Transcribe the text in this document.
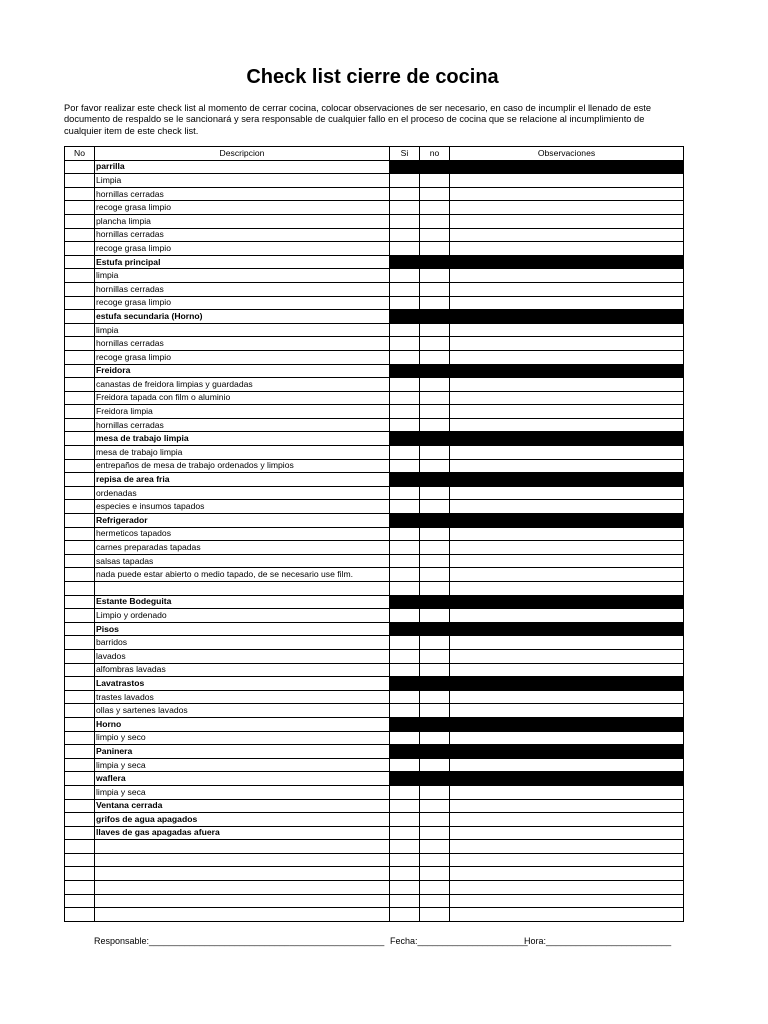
Check list cierre de cocina
Por favor realizar este check list al momento de cerrar cocina, colocar observaciones de ser necesario, en caso de incumplir el llenado de este documento de respaldo se le sancionará y sera responsable de cualquier fallo en el proceso de cocina que se relacione al incumplimiento de cualquier item de este check list.
No	Descripcion	Si	no	Observaciones
	parrilla			
	Limpia			
	hornillas cerradas			
	recoge grasa limpio			
	plancha limpia			
	hornillas cerradas			
	recoge grasa limpio			
	Estufa principal			
	limpia			
	hornillas cerradas			
	recoge grasa limpio			
	estufa secundaria (Horno)			
	limpia			
	hornillas cerradas			
	recoge grasa limpio			
	Freidora			
	canastas de freidora limpias y guardadas			
	Freidora tapada con film o aluminio			
	Freidora limpia			
	hornillas cerradas			
	mesa de trabajo limpia			
	mesa de trabajo limpia			
	entrepaños de mesa de trabajo ordenados y limpios			
	repisa de area fria			
	ordenadas			
	especies e insumos tapados			
	Refrigerador			
	hermeticos tapados			
	carnes preparadas tapadas			
	salsas tapadas			
	nada puede estar abierto o medio tapado, de se necesario use film.			

	Estante Bodeguita			
	Limpio y ordenado			
	Pisos			
	barridos			
	lavados			
	alfombras lavadas			
	Lavatrastos			
	trastes lavados			
	ollas y sartenes lavados			
	Horno			
	limpio y seco			
	Paninera			
	limpia y seca			
	waflera			
	limpia y seca			
	Ventana cerrada			
	grifos de agua apagados			
	llaves de gas apagadas afuera			

Responsable:_______________________________________________ Fecha:______________________
Hora:_________________________
